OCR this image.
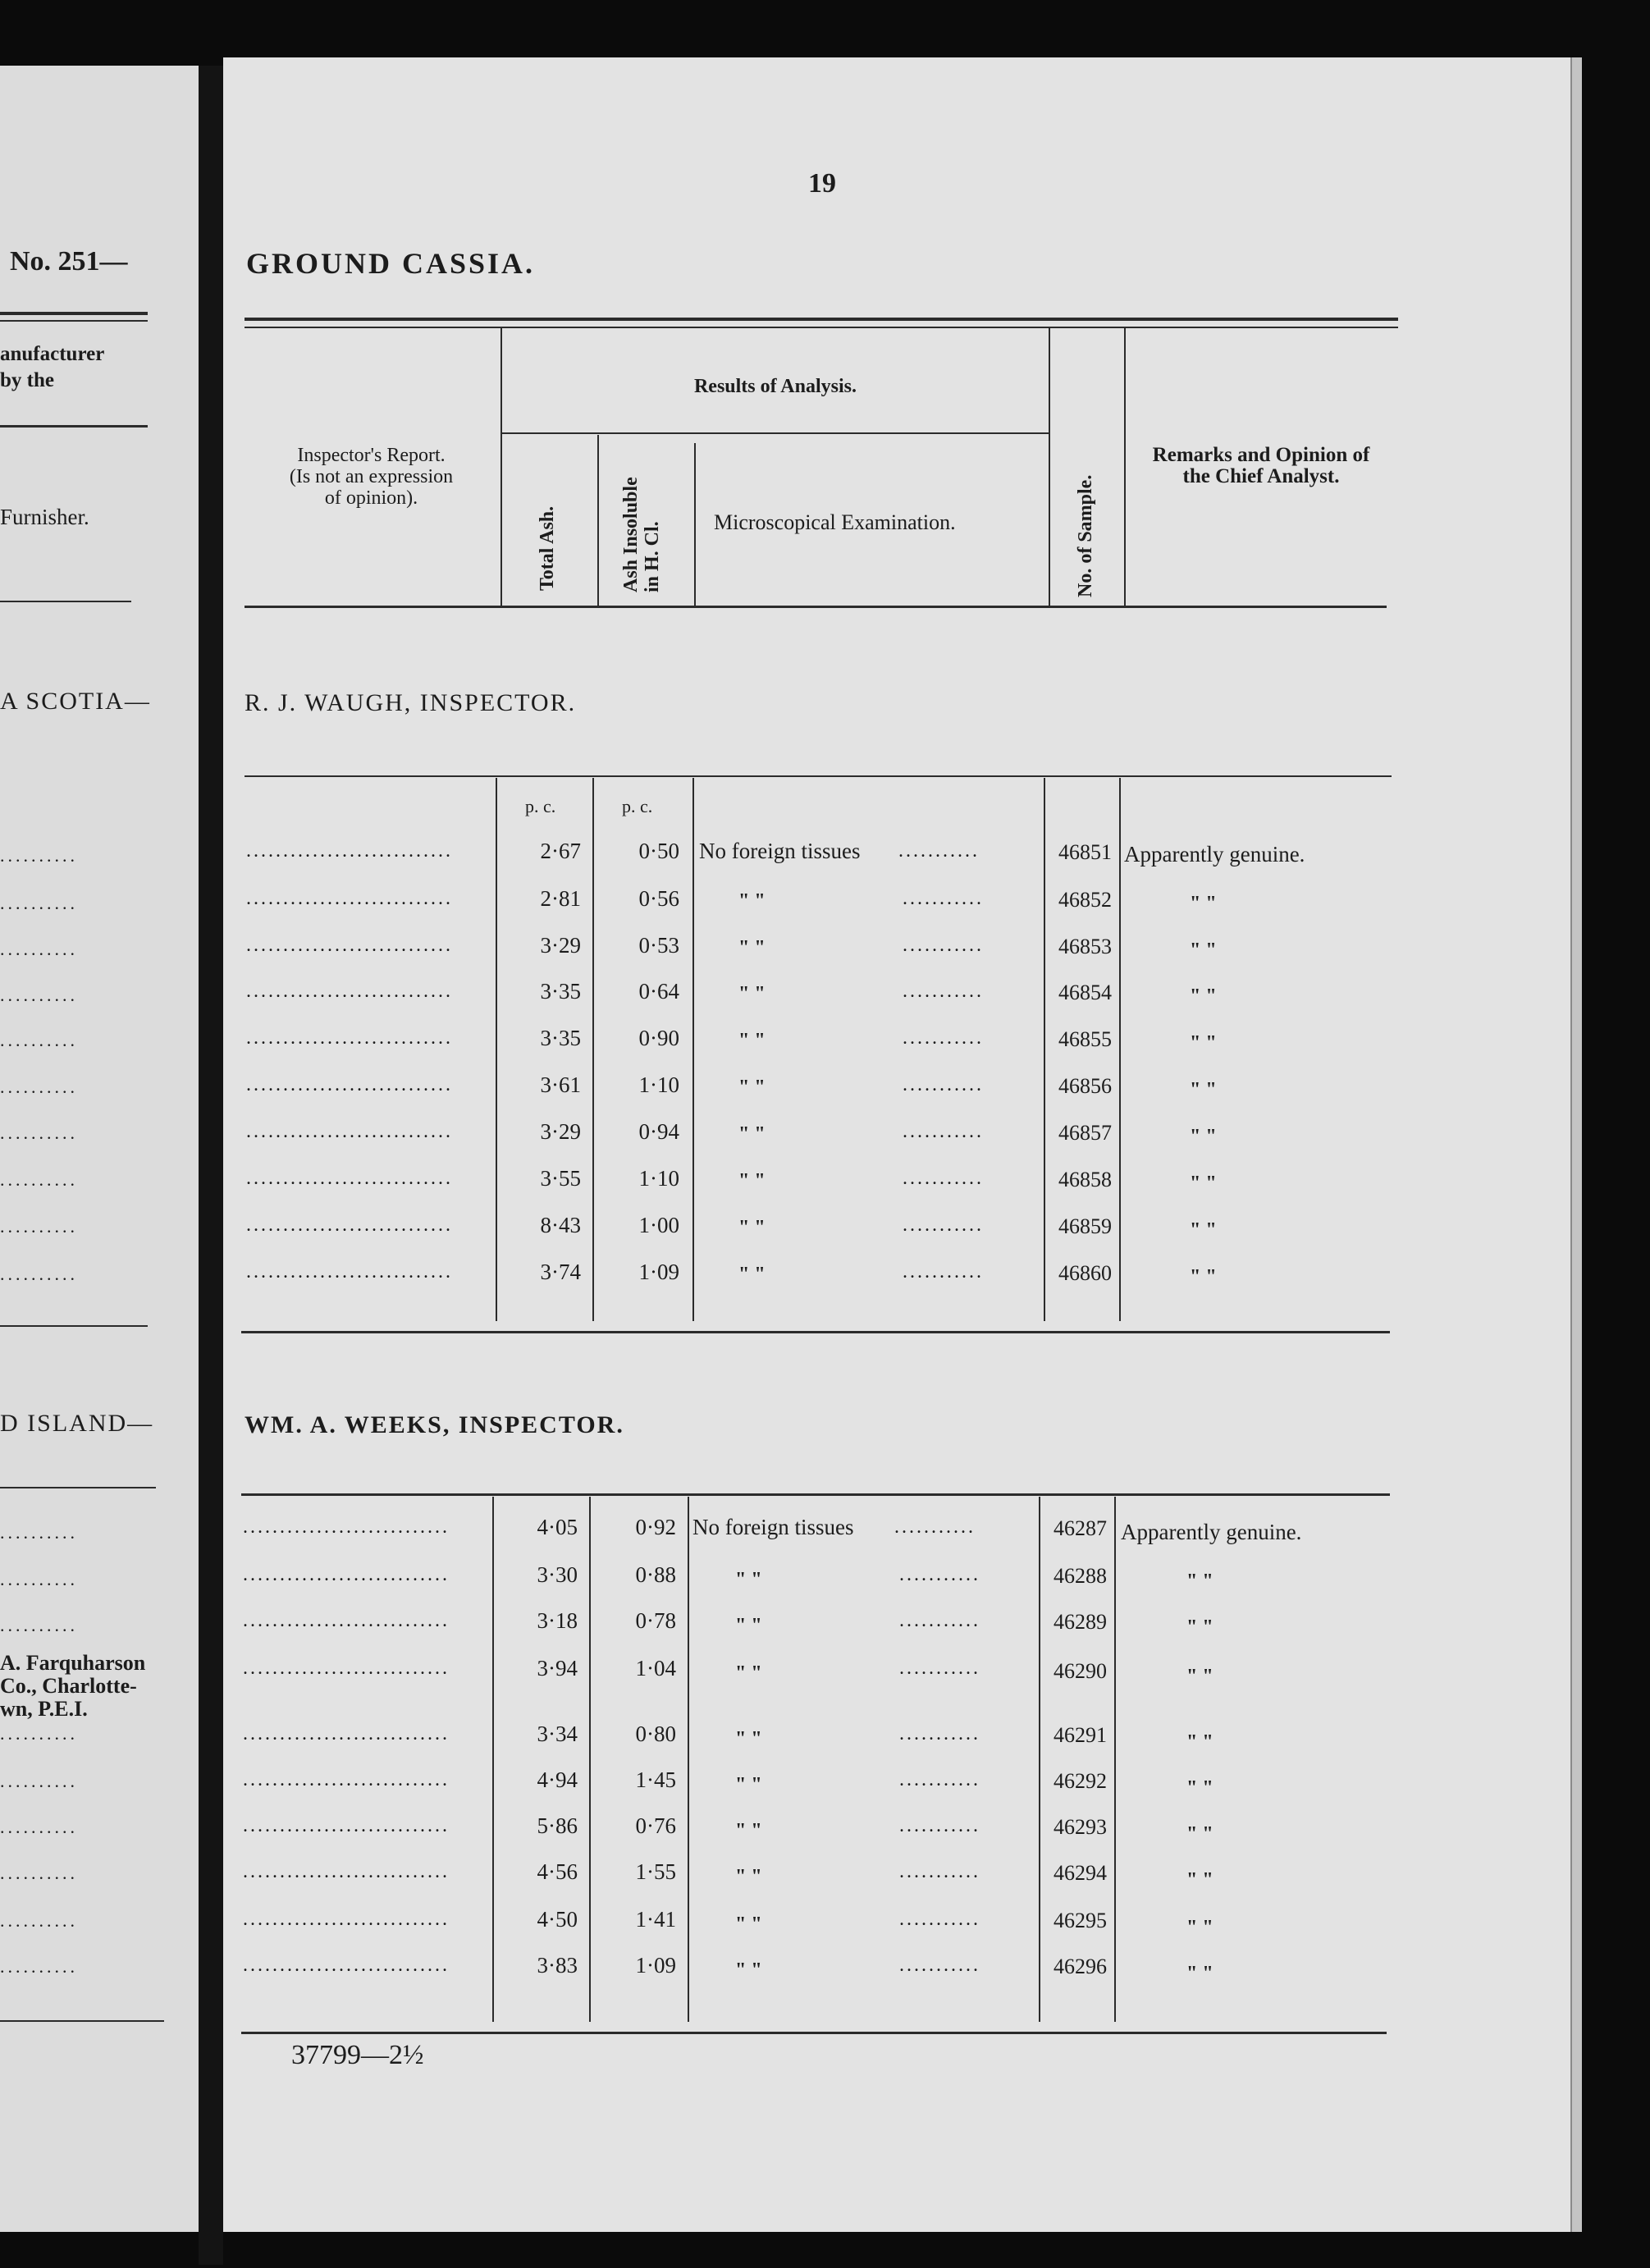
No. 251—
anufacturer
by the
Furnisher.
A SCOTIA—
..........
..........
..........
..........
..........
..........
..........
..........
..........
..........
D ISLAND—
..........
..........
..........
A. Farquharson
Co., Charlotte-
wn, P.E.I.
..........
..........
..........
..........
..........
..........
19
GROUND CASSIA.
Inspector's Report.
(Is not an expression
of opinion).
Results of Analysis.
Total Ash.	Ash Insoluble in H. Cl. Microscopical Examination.	No. of Sample.
Remarks and Opinion of
the Chief Analyst.
R. J. WAUGH, INSPECTOR.
p. c.	p. c.
............................	2·67	0·50 No foreign tissues ...........	46851 Apparently genuine.
............................	2·81	0·56	" "	...........	46852	" "
............................	3·29	0·53	" "	...........	46853	" "
............................	3·35	0·64	" "	...........	46854	" "
............................	3·35	0·90	" "	...........	46855	" "
............................	3·61	1·10	" "	...........	46856	" "
............................	3·29	0·94	" "	...........	46857	" "
............................	3·55	1·10	" "	...........	46858	" "
............................	8·43	1·00	" "	...........	46859	" "
............................	3·74	1·09	" "	...........	46860	" "
WM. A. WEEKS, INSPECTOR.
............................	4·05	0·92 No foreign tissues ...........	46287 Apparently genuine.
............................	3·30	0·88	" "	...........	46288	" "
............................	3·18	0·78	" "	...........	46289	" "
............................	3·94	1·04	" "	...........	46290	" "
............................	3·34	0·80	" "	...........	46291	" "
............................	4·94	1·45	" "	...........	46292	" "
............................	5·86	0·76	" "	...........	46293	" "
............................	4·56	1·55	" "	...........	46294	" "
............................	4·50	1·41	" "	...........	46295	" "
............................	3·83	1·09	" "	...........	46296	" "
37799—2½
